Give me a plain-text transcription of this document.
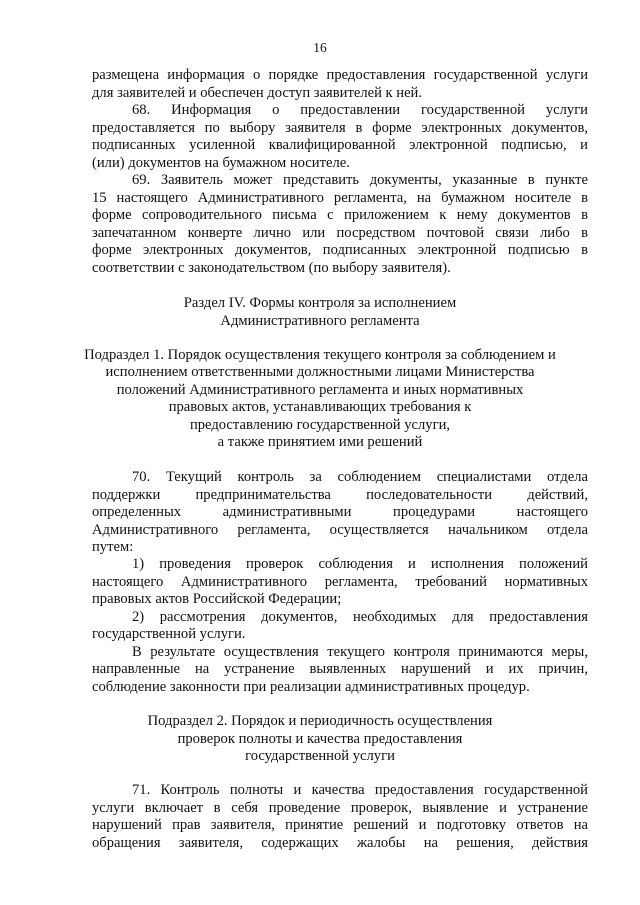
16
размещена информация о порядке предоставления государственной услуги
для заявителей и обеспечен доступ заявителей к ней.
68. Информация о предоставлении государственной услуги
предоставляется по выбору заявителя в форме электронных документов,
подписанных усиленной квалифицированной электронной подписью, и
(или) документов на бумажном носителе.
69. Заявитель может представить документы, указанные в пункте
15 настоящего Административного регламента, на бумажном носителе в
форме сопроводительного письма с приложением к нему документов в
запечатанном конверте лично или посредством почтовой связи либо в
форме электронных документов, подписанных электронной подписью в
соответствии с законодательством (по выбору заявителя).
Раздел IV. Формы контроля за исполнением
Административного регламента
Подраздел 1. Порядок осуществления текущего контроля за соблюдением и
исполнением ответственными должностными лицами Министерства
положений Административного регламента и иных нормативных
правовых актов, устанавливающих требования к
предоставлению государственной услуги,
а также принятием ими решений
70. Текущий контроль за соблюдением специалистами отдела
поддержки предпринимательства последовательности действий,
определенных административными процедурами настоящего
Административного регламента, осуществляется начальником отдела
путем:
1) проведения проверок соблюдения и исполнения положений
настоящего Административного регламента, требований нормативных
правовых актов Российской Федерации;
2) рассмотрения документов, необходимых для предоставления
государственной услуги.
В результате осуществления текущего контроля принимаются меры,
направленные на устранение выявленных нарушений и их причин,
соблюдение законности при реализации административных процедур.
Подраздел 2. Порядок и периодичность осуществления
проверок полноты и качества предоставления
государственной услуги
71. Контроль полноты и качества предоставления государственной
услуги включает в себя проведение проверок, выявление и устранение
нарушений прав заявителя, принятие решений и подготовку ответов на
обращения заявителя, содержащих жалобы на решения, действия
